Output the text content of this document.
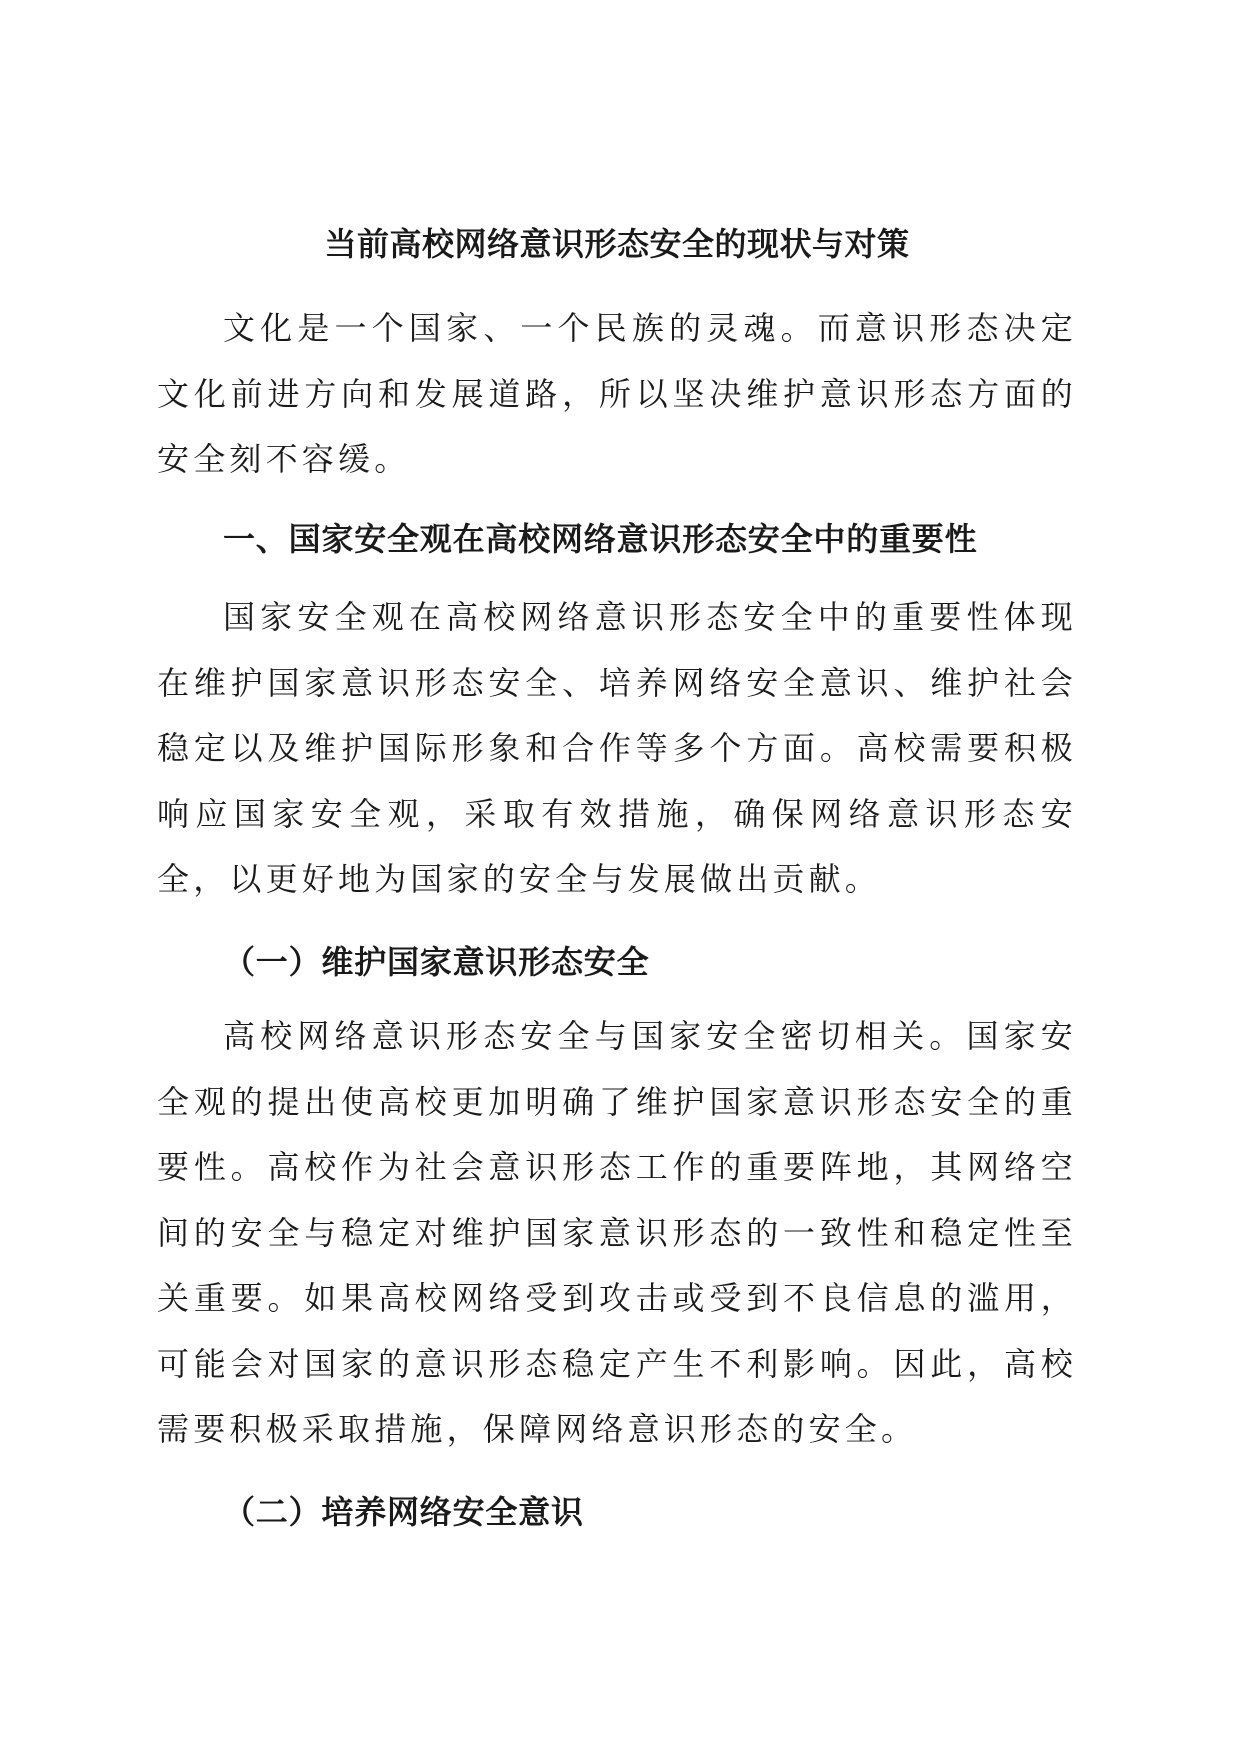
当前高校网络意识形态安全的现状与对策

文化是一个国家、一个民族的灵魂。而意识形态决定文化前进方向和发展道路，所以坚决维护意识形态方面的安全刻不容缓。

一、国家安全观在高校网络意识形态安全中的重要性

国家安全观在高校网络意识形态安全中的重要性体现在维护国家意识形态安全、培养网络安全意识、维护社会稳定以及维护国际形象和合作等多个方面。高校需要积极响应国家安全观，采取有效措施，确保网络意识形态安全，以更好地为国家的安全与发展做出贡献。

（一）维护国家意识形态安全

高校网络意识形态安全与国家安全密切相关。国家安全观的提出使高校更加明确了维护国家意识形态安全的重要性。高校作为社会意识形态工作的重要阵地，其网络空间的安全与稳定对维护国家意识形态的一致性和稳定性至关重要。如果高校网络受到攻击或受到不良信息的滥用，可能会对国家的意识形态稳定产生不利影响。因此，高校需要积极采取措施，保障网络意识形态的安全。

（二）培养网络安全意识
